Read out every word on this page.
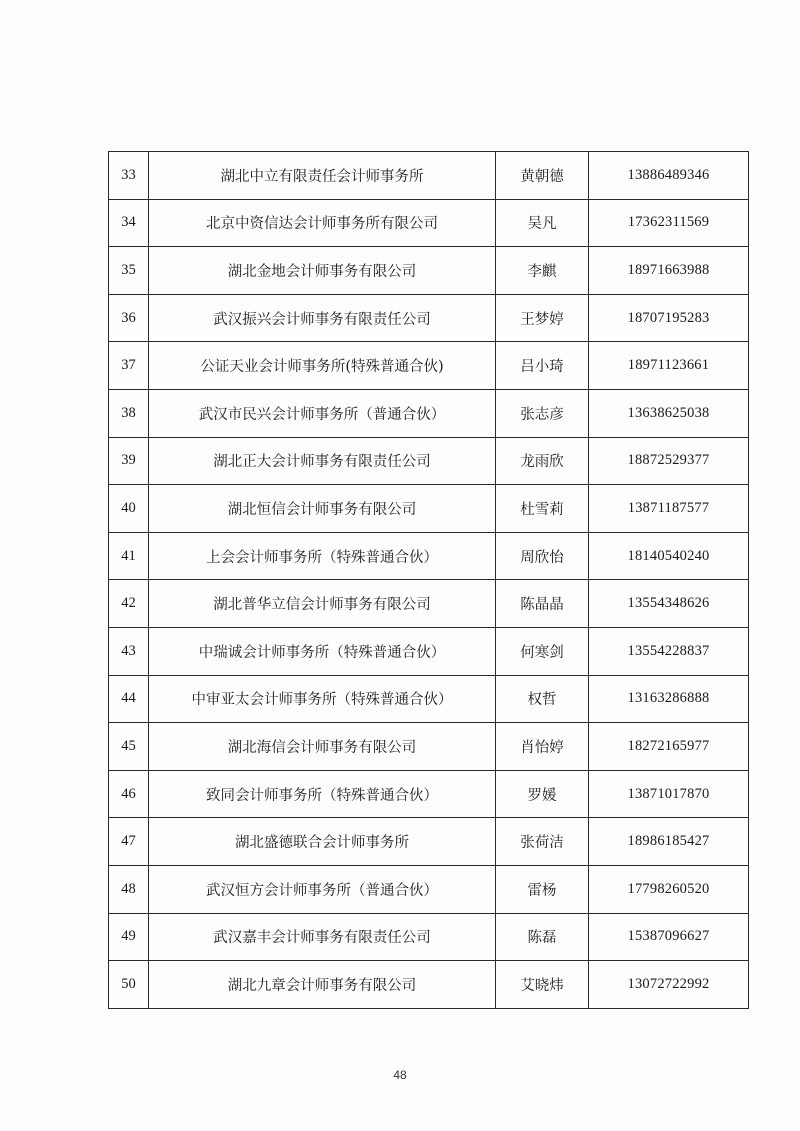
33	湖北中立有限责任会计师事务所	黄朝德	13886489346
34	北京中资信达会计师事务所有限公司	吴凡	17362311569
35	湖北金地会计师事务有限公司	李麒	18971663988
36	武汉振兴会计师事务有限责任公司	王梦婷	18707195283
37	公证天业会计师事务所(特殊普通合伙)	吕小琦	18971123661
38	武汉市民兴会计师事务所（普通合伙）	张志彦	13638625038
39	湖北正大会计师事务有限责任公司	龙雨欣	18872529377
40	湖北恒信会计师事务有限公司	杜雪莉	13871187577
41	上会会计师事务所（特殊普通合伙）	周欣怡	18140540240
42	湖北普华立信会计师事务有限公司	陈晶晶	13554348626
43	中瑞诚会计师事务所（特殊普通合伙）	何寒剑	13554228837
44	中审亚太会计师事务所（特殊普通合伙）	权哲	13163286888
45	湖北海信会计师事务有限公司	肖怡婷	18272165977
46	致同会计师事务所（特殊普通合伙）	罗媛	13871017870
47	湖北盛德联合会计师事务所	张荷洁	18986185427
48	武汉恒方会计师事务所（普通合伙）	雷杨	17798260520
49	武汉嘉丰会计师事务有限责任公司	陈磊	15387096627
50	湖北九章会计师事务有限公司	艾晓炜	13072722992
48
